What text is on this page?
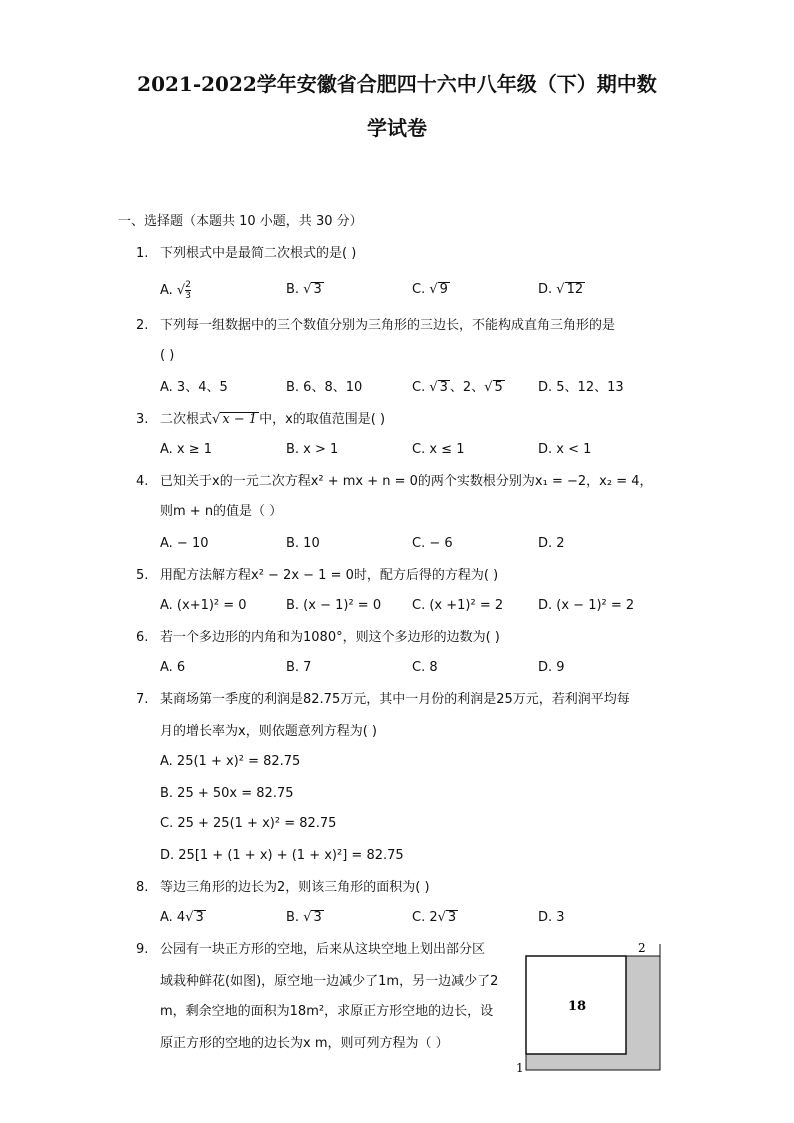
2021-2022学年安徽省合肥四十六中八年级（下）期中数
学试卷
一、选择题（本题共 10 小题，共 30 分）
1. 下列根式中是最简二次根式的是( )
A. √ $\frac{2}{3}$	B. √ 3	C. √ 9	D. √ 12
2. 下列每一组数据中的三个数值分别为三角形的三边长，不能构成直角三角形的是
( )
A. 3、4、5	B. 6、8、10	C. √ 3 、2、√ 5	D. 5、12、13
3. 二次根式√ x − 1 中，x的取值范围是( )
A. x ≥ 1	B. x > 1	C. x ≤ 1	D. x < 1
4. 已知关于x的一元二次方程x² + mx + n = 0的两个实数根分别为x₁ = −2，x₂ = 4，
则m + n的值是（ ）
A. − 10	B. 10	C. − 6	D. 2
5. 用配方法解方程x² − 2x − 1 = 0时，配方后得的方程为( )
A. (x+1)² = 0	B. (x − 1)² = 0 C. (x +1)² = 2	D. (x − 1)² = 2
6. 若一个多边形的内角和为1080°，则这个多边形的边数为( )
A. 6	B. 7	C. 8	D. 9
7. 某商场第一季度的利润是82.75万元，其中一月份的利润是25万元，若利润平均每
月的增长率为x，则依题意列方程为( )
A. 25(1 + x)² = 82.75
B. 25 + 50x = 82.75
C. 25 + 25(1 + x)² = 82.75
D. 25[1 + (1 + x) + (1 + x)²] = 82.75
8. 等边三角形的边长为2，则该三角形的面积为( )
A. 4√ 3	B. √ 3	C. 2√ 3	D. 3
9. 公园有一块正方形的空地，后来从这块空地上划出部分区
域栽种鲜花(如图)，原空地一边减少了1m，另一边减少了2
m，剩余空地的面积为18m²，求原正方形空地的边长，设
原正方形的空地的边长为x m，则可列方程为（ ）
2
18
1
